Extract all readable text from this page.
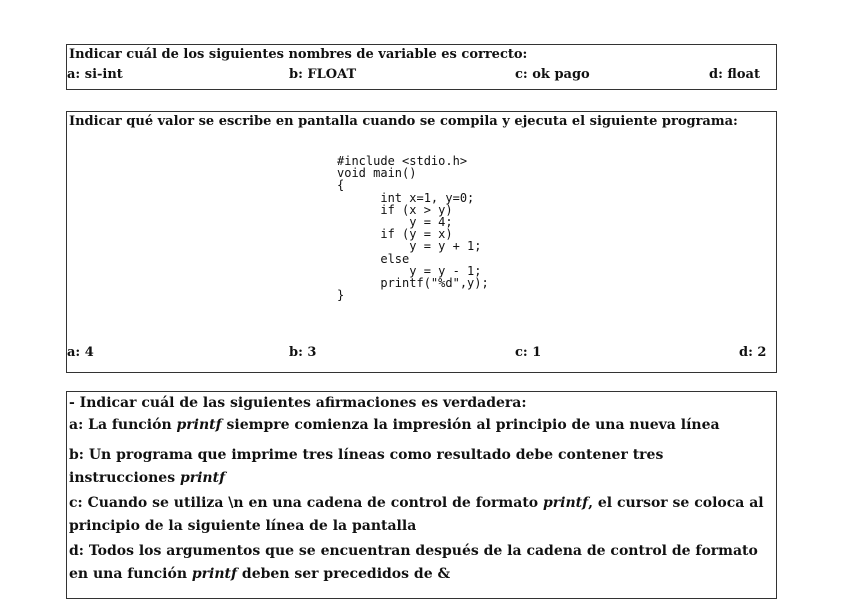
Indicar cuál de los siguientes nombres de variable es correcto:
a: si-int	b: FLOAT	c: ok pago	d: float
Indicar qué valor se escribe en pantalla cuando se compila y ejecuta el siguiente programa:
#include <stdio.h>
void main()
{
int x=1, y=0;
if (x > y)
y = 4;
if (y = x)
y = y + 1;
else
y = y - 1;
printf("%d",y);
}
a: 4	b: 3	c: 1	d: 2
- Indicar cuál de las siguientes afirmaciones es verdadera:
a: La función printf siempre comienza la impresión al principio de una nueva línea
b: Un programa que imprime tres líneas como resultado debe contener tres instrucciones printf
c: Cuando se utiliza \n en una cadena de control de formato printf, el cursor se coloca al principio de la siguiente línea de la pantalla
d: Todos los argumentos que se encuentran después de la cadena de control de formato en una función printf deben ser precedidos de &
